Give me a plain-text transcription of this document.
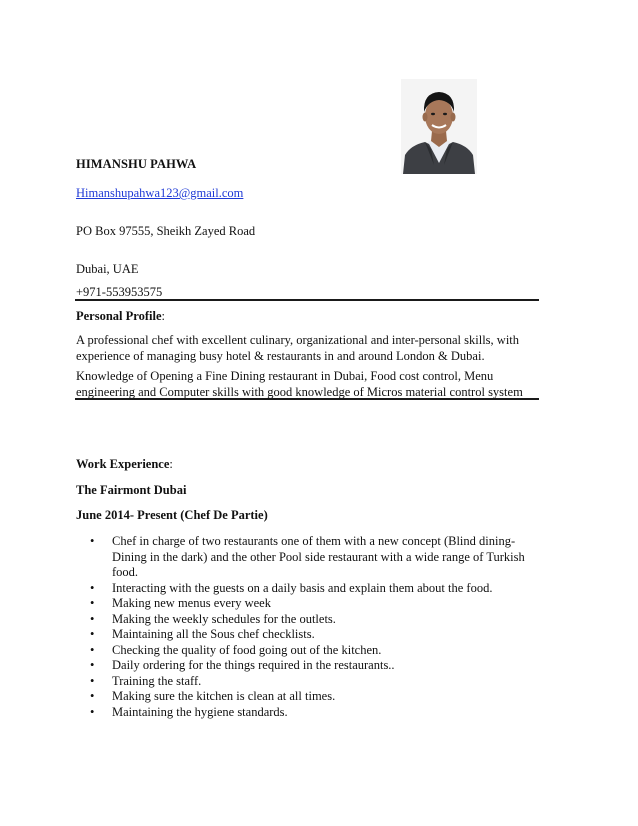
HIMANSHU PAHWA

Himanshupahwa123@gmail.com

PO Box 97555, Sheikh Zayed Road

Dubai, UAE

+971-553953575

Personal Profile:

A professional chef with excellent culinary, organizational and inter-personal skills, with experience of managing busy hotel & restaurants in and around London & Dubai.

Knowledge of Opening a Fine Dining restaurant in Dubai, Food cost control, Menu engineering and Computer skills with good knowledge of Micros material control system

Work Experience:

The Fairmont Dubai

June 2014- Present (Chef De Partie)

• Chef in charge of two restaurants one of them with a new concept (Blind dining- Dining in the dark) and the other Pool side restaurant with a wide range of Turkish food.
• Interacting with the guests on a daily basis and explain them about the food.
• Making new menus every week
• Making the weekly schedules for the outlets.
• Maintaining all the Sous chef checklists.
• Checking the quality of food going out of the kitchen.
• Daily ordering for the things required in the restaurants..
• Training the staff.
• Making sure the kitchen is clean at all times.
• Maintaining the hygiene standards.
